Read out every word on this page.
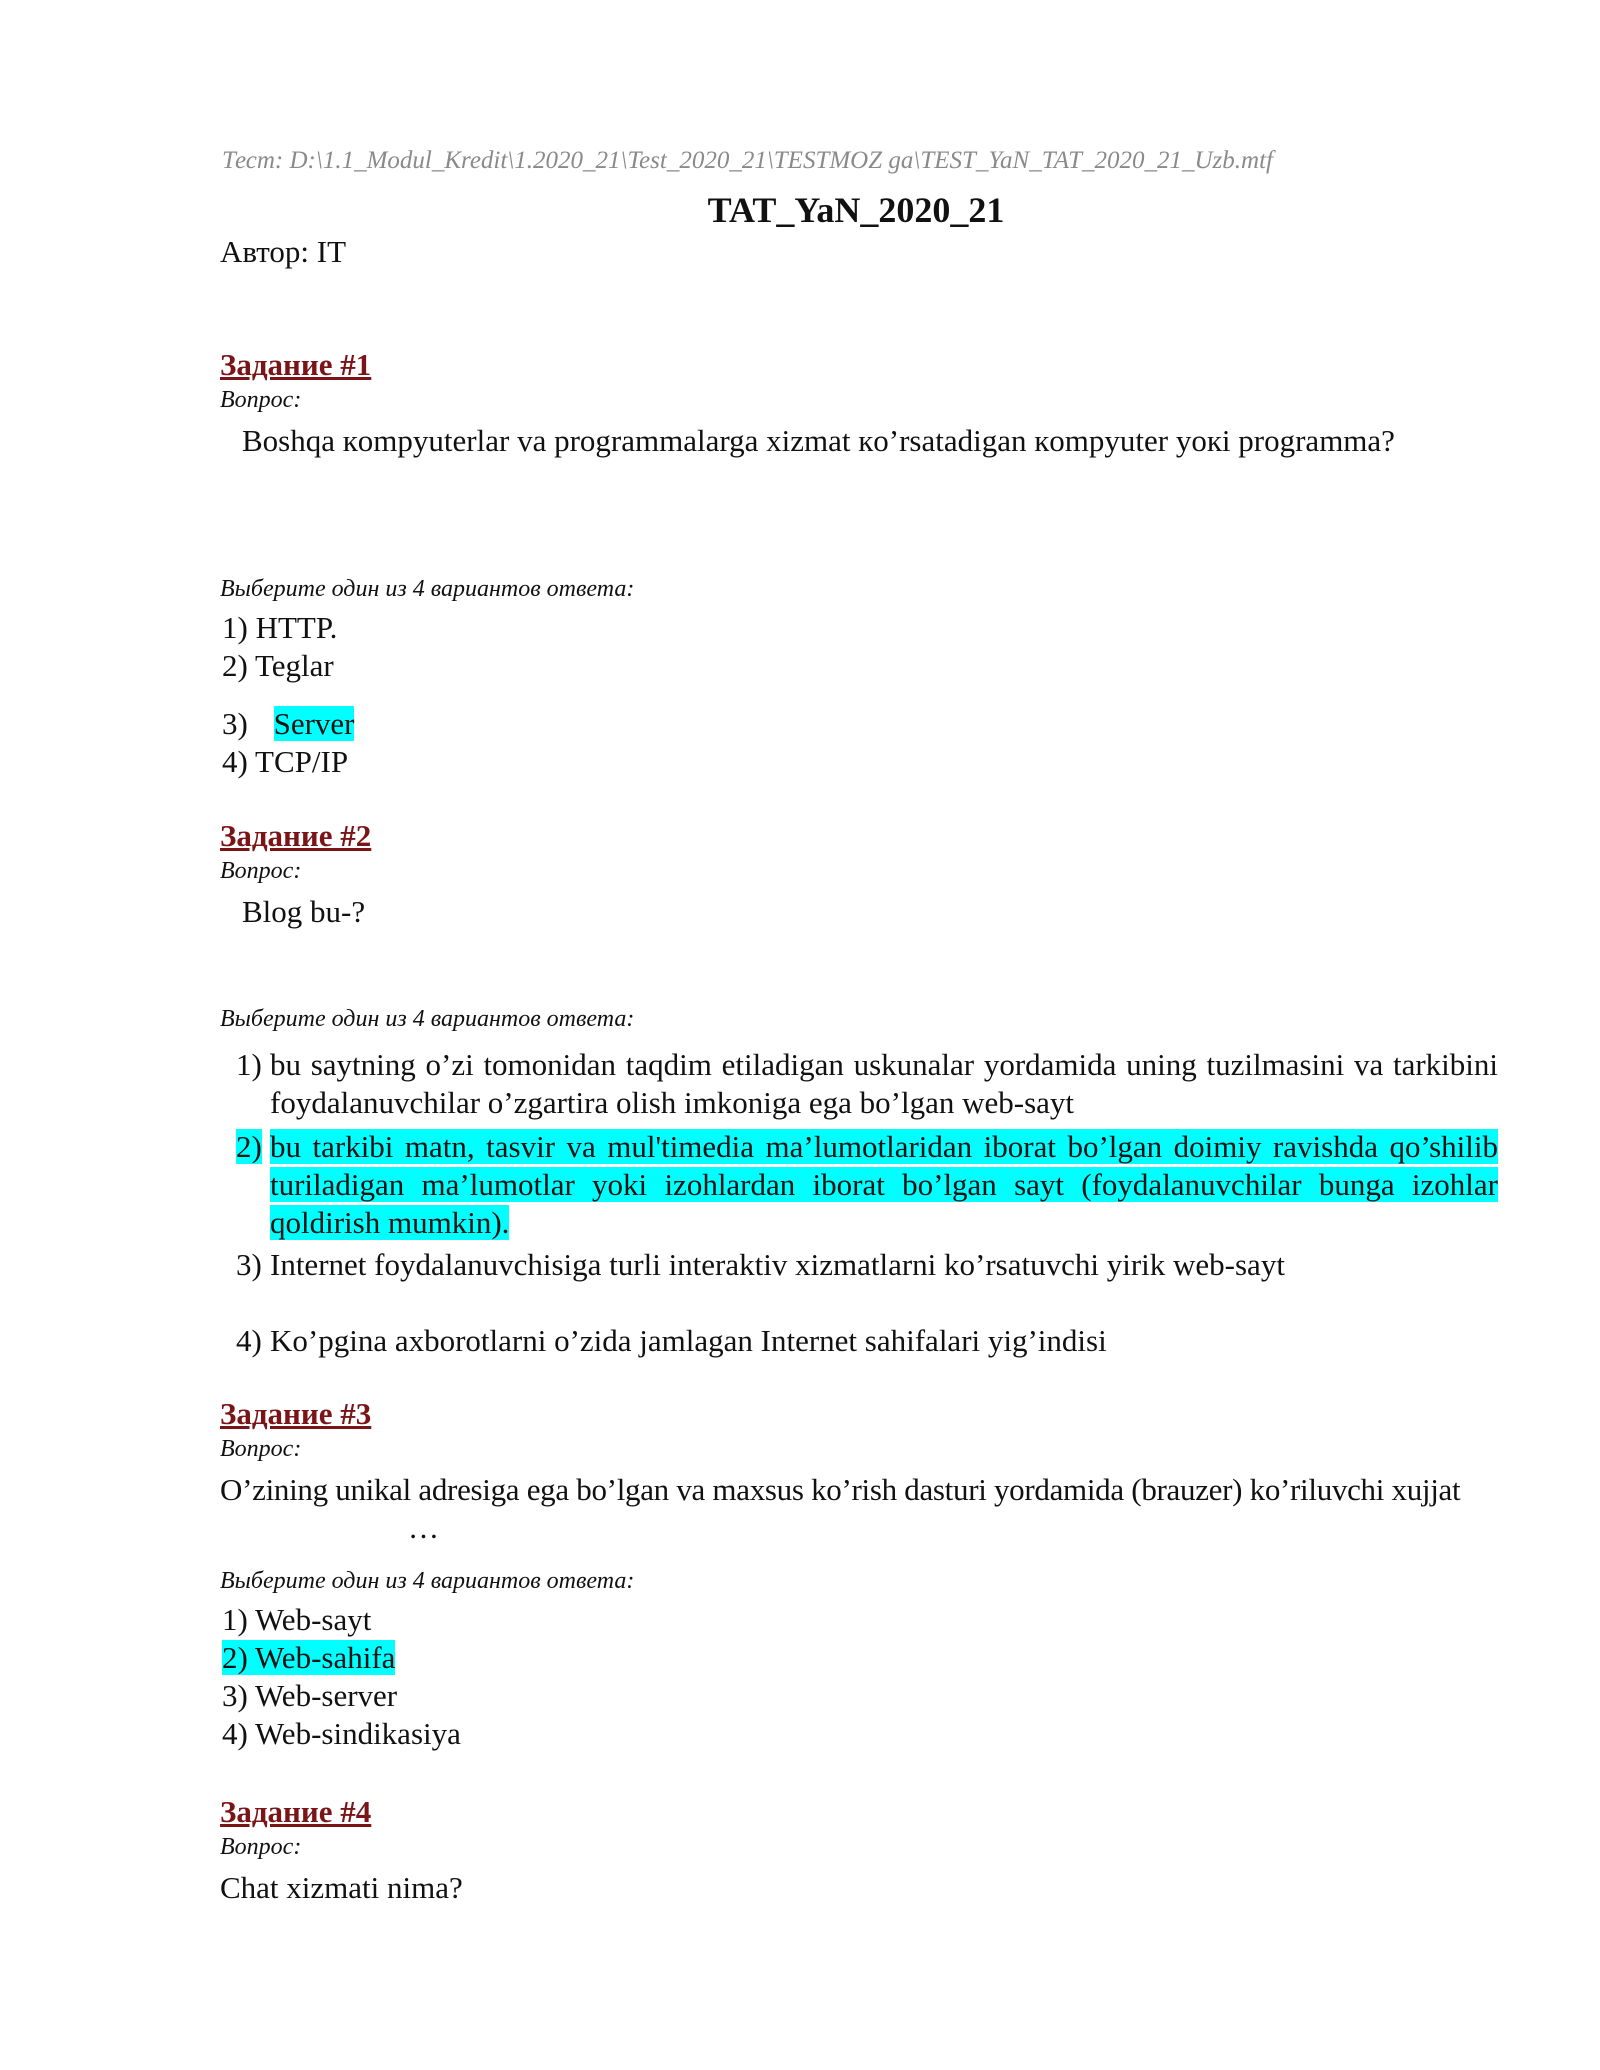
Тест: D:\1.1_Modul_Kredit\1.2020_21\Test_2020_21\TESTMOZ ga\TEST_YaN_TAT_2020_21_Uzb.mtf
TAT_YaN_2020_21
Автор: IT
Задание #1
Вопрос:
Boshqa кompyuterlar va programmalarga xizmat кo’rsatadigan кompyuter yoкi programma?
Выберите один из 4 вариантов ответа:
1) HTTP.
2) Teglar
3) Server
4) TCP/IP
Задание #2
Вопрос:
Blog bu-?
Выберите один из 4 вариантов ответа:
1) bu saytning o’zi tomonidan taqdim etiladigan uskunalar yordamida uning tuzilmasini va tarkibini foydalanuvchilar o’zgartira olish imkoniga ega bo’lgan web-sayt
2) bu tarkibi matn, tasvir va mul'timedia ma’lumotlaridan iborat bo’lgan doimiy ravishda qo’shilib turiladigan ma’lumotlar yoki izohlardan iborat bo’lgan sayt (foydalanuvchilar bunga izohlar qoldirish mumkin).
3) Internet foydalanuvchisiga turli interaktiv xizmatlarni ko’rsatuvchi yirik web-sayt
4) Ko’pgina axborotlarni o’zida jamlagan Internet sahifalari yig’indisi
Задание #3
Вопрос:
O’zining unikal adresiga ega bo’lgan va maxsus ko’rish dasturi yordamida (brauzer) ko’riluvchi xujjat
…
Выберите один из 4 вариантов ответа:
1) Web-sayt
2) Web-sahifa
3) Web-server
4) Web-sindikasiya
Задание #4
Вопрос:
Chat xizmati nima?
